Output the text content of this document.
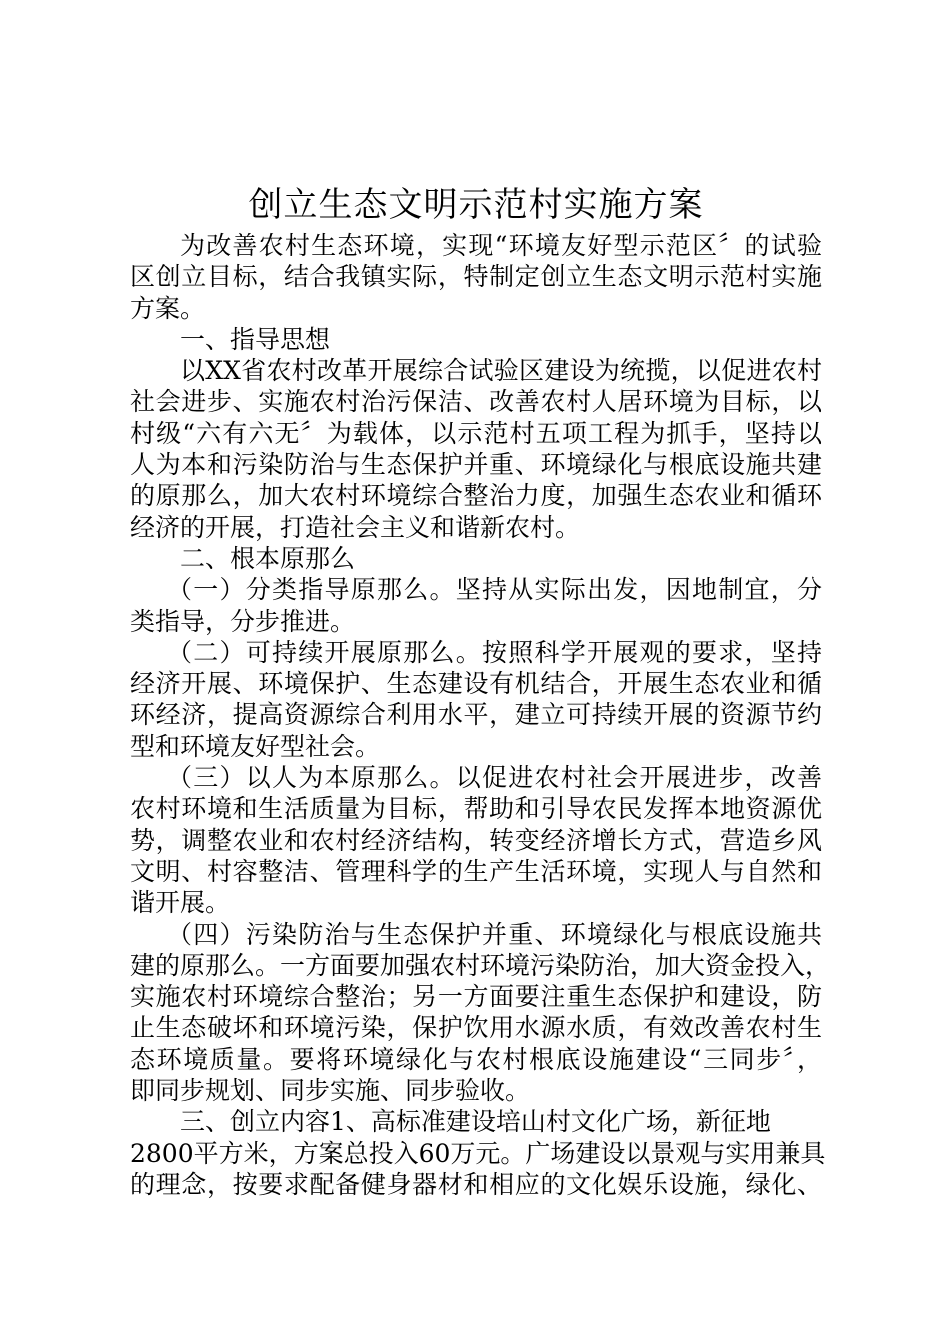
创立生态文明示范村实施方案
为改善农村生态环境，实现“环境友好型示范区〞的试验
区创立目标，结合我镇实际，特制定创立生态文明示范村实施
方案。
一、指导思想
以XX省农村改革开展综合试验区建设为统揽，以促进农村
社会进步、实施农村治污保洁、改善农村人居环境为目标，以
村级“六有六无〞为载体，以示范村五项工程为抓手，坚持以
人为本和污染防治与生态保护并重、环境绿化与根底设施共建
的原那么，加大农村环境综合整治力度，加强生态农业和循环
经济的开展，打造社会主义和谐新农村。
二、根本原那么
（一）分类指导原那么。坚持从实际出发，因地制宜，分
类指导，分步推进。
（二）可持续开展原那么。按照科学开展观的要求，坚持
经济开展、环境保护、生态建设有机结合，开展生态农业和循
环经济，提高资源综合利用水平，建立可持续开展的资源节约
型和环境友好型社会。
（三）以人为本原那么。以促进农村社会开展进步，改善
农村环境和生活质量为目标，帮助和引导农民发挥本地资源优
势，调整农业和农村经济结构，转变经济增长方式，营造乡风
文明、村容整洁、管理科学的生产生活环境，实现人与自然和
谐开展。
（四）污染防治与生态保护并重、环境绿化与根底设施共
建的原那么。一方面要加强农村环境污染防治，加大资金投入，
实施农村环境综合整治；另一方面要注重生态保护和建设，防
止生态破坏和环境污染，保护饮用水源水质，有效改善农村生
态环境质量。要将环境绿化与农村根底设施建设“三同步〞，
即同步规划、同步实施、同步验收。
三、创立内容1、高标准建设培山村文化广场，新征地
2800平方米，方案总投入60万元。广场建设以景观与实用兼具
的理念，按要求配备健身器材和相应的文化娱乐设施，绿化、
